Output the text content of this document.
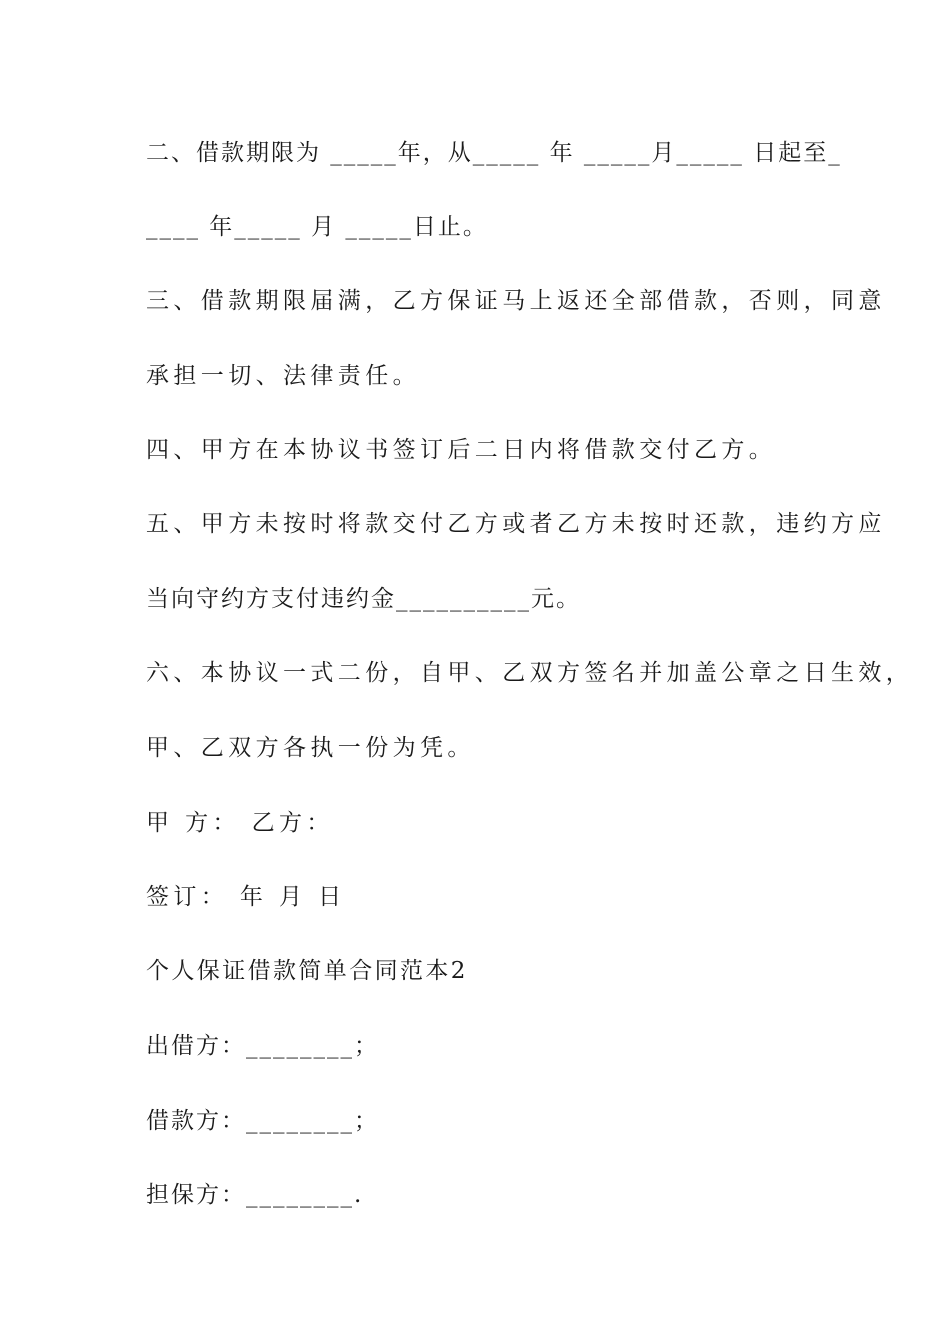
二、借款期限为 _____年，从_____ 年 _____月_____ 日起至_
____ 年_____ 月 _____日止。
三、借款期限届满，乙方保证马上返还全部借款，否则，同意
承担一切、法律责任。
四、甲方在本协议书签订后二日内将借款交付乙方。
五、甲方未按时将款交付乙方或者乙方未按时还款，违约方应
当向守约方支付违约金__________元。
六、本协议一式二份，自甲、乙双方签名并加盖公章之日生效，
甲、乙双方各执一份为凭。
甲 方： 乙方：
签订： 年 月 日
个人保证借款简单合同范本2
出借方：________；
借款方：________；
担保方：________.
